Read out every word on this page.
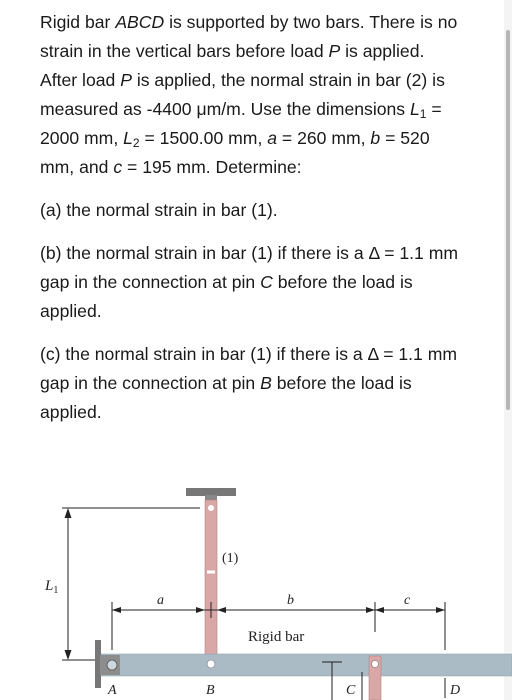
Rigid bar ABCD is supported by two bars. There is no strain in the vertical bars before load P is applied. After load P is applied, the normal strain in bar (2) is measured as -4400 μm/m. Use the dimensions $L_1 = 2000$ mm, $L_2 = 1500.00$ mm, a = 260 mm, b = 520 mm, and c = 195 mm. Determine:

(a) the normal strain in bar (1).

(b) the normal strain in bar (1) if there is a Δ = 1.1 mm gap in the connection at pin C before the load is applied.

(c) the normal strain in bar (1) if there is a Δ = 1.1 mm gap in the connection at pin B before the load is applied.

(1)
$L_1$
a	b	c
Rigid bar
A	B	C	D
